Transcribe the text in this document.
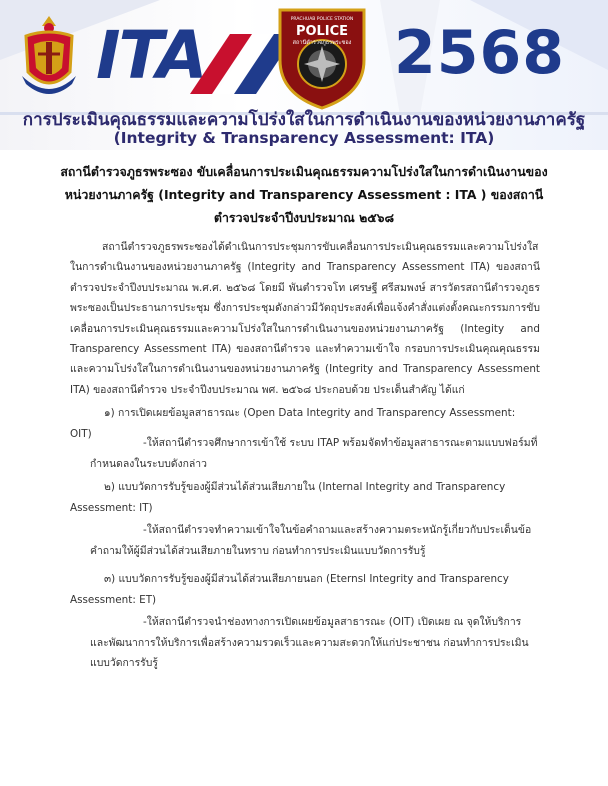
ITA	PRACHUAB POLICE STATION
POLICE
สถานีตำรวจภูธรพระซอง 2568
การประเมินคุณธรรมและความโปร่งใสในการดำเนินงานของหน่วยงานภาครัฐ
(Integrity & Transparency Assessment: ITA)
สถานีตำรวจภูธรพระซอง ขับเคลื่อนการประเมินคุณธรรมความโปร่งใสในการดำเนินงานของหน่วยงานภาครัฐ (Integrity and Transparency Assessment : ITA ) ของสถานีตำรวจประจำปีงบประมาณ ๒๕๖๘

สถานีตำรวจภูธรพระซองได้ดำเนินการประชุมการขับเคลื่อนการประเมินคุณธรรมและความโปร่งใสในการดำเนินงานของหน่วยงานภาครัฐ (Integrity and Transparency Assessment ITA) ของสถานีตำรวจประจำปีงบประมาณ พ.ศ.ศ. ๒๕๖๘ โดยมี พันตำรวจโท เศรษฐี ศรีสมพงษ์ สารวัตรสถานีตำรวจภูธรพระซองเป็นประธานการประชุม ซึ่งการประชุมดังกล่าวมีวัตถุประสงค์เพื่อแจ้งคำสั่งแต่งตั้งคณะกรรมการขับเคลื่อนการประเมินคุณธรรมและความโปร่งใสในการดำเนินงานของหน่วยงานภาครัฐ (Integity and Transparency Assessment ITA) ของสถานีตำรวจ และทำความเข้าใจ กรอบการประเมินคุณคุณธรรมและความโปร่งใสในการดำเนินงานของหน่วยงานภาครัฐ (Integrity and Transparency Assessment ITA) ของสถานีตำรวจ ประจำปีงบประมาณ พศ. ๒๕๖๘ ประกอบด้วย ประเด็นสำคัญ ได้แก่

๑) การเปิดเผยข้อมูลสาธารณะ (Open Data Integrity and Transparency Assessment: OIT)

-ให้สถานีตำรวจศึกษาการเข้าใช้ ระบบ ITAP พร้อมจัดทำข้อมูลสาธารณะตามแบบฟอร์มที่กำหนดลงในระบบดังกล่าว

๒) แบบวัดการรับรู้ของผู้มีส่วนได้ส่วนเสียภายใน (Internal Integrity and Transparency Assessment: IT)

-ให้สถานีตำรวจทำความเข้าใจในข้อคำถามและสร้างความตระหนักรู้เกี่ยวกับประเด็นข้อคำถามให้ผู้มีส่วนได้ส่วนเสียภายในทราบ ก่อนทำการประเมินแบบวัดการรับรู้

๓) แบบวัดการรับรู้ของผู้มีส่วนได้ส่วนเสียภายนอก (Eternsl Integrity and Transparency Assessment: ET)

-ให้สถานีตำรวจนำช่องทางการเปิดเผยข้อมูลสาธารณะ (OIT) เปิดเผย ณ จุดให้บริการ และพัฒนาการให้บริการเพื่อสร้างความรวดเร็วและความสะดวกให้แก่ประชาชน ก่อนทำการประเมินแบบวัดการรับรู้
